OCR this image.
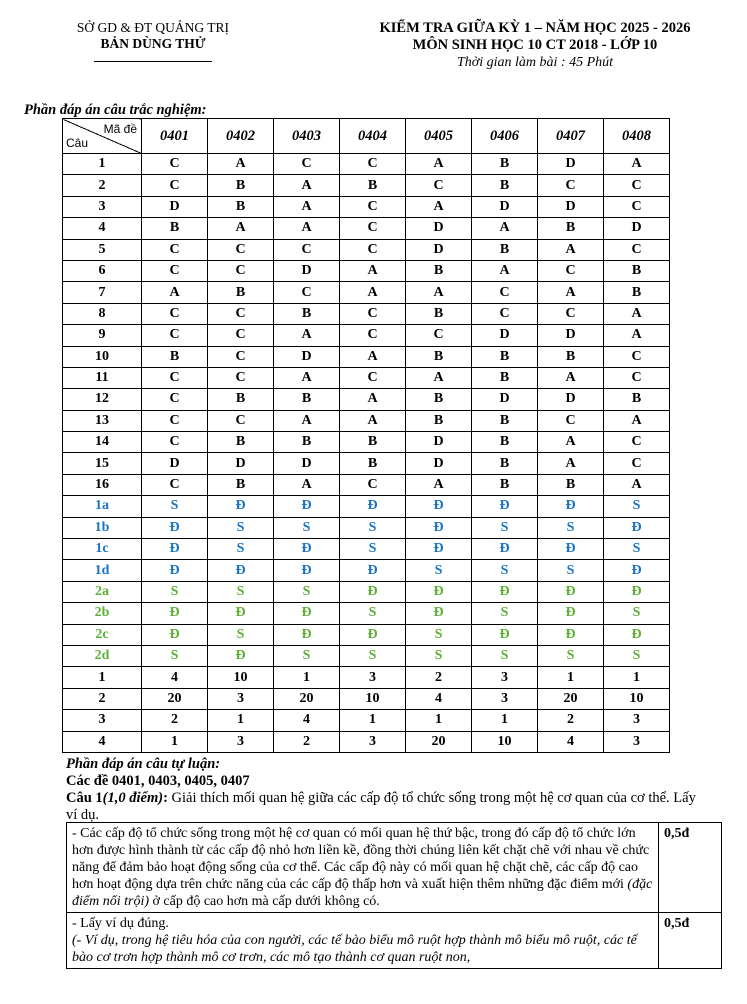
SỞ GD & ĐT QUẢNG TRỊ
BẢN DÙNG THỬ
KIỂM TRA GIỮA KỲ 1 – NĂM HỌC 2025 - 2026
MÔN SINH HỌC 10 CT 2018 - LỚP 10
Thời gian làm bài : 45 Phút
Phần đáp án câu trắc nghiệm:
Mã đề
Câu	0401	0402	0403	0404	0405	0406	0407	0408
1	C	A	C	C	A	B	D	A
2	C	B	A	B	C	B	C	C
3	D	B	A	C	A	D	D	C
4	B	A	A	C	D	A	B	D
5	C	C	C	C	D	B	A	C
6	C	C	D	A	B	A	C	B
7	A	B	C	A	A	C	A	B
8	C	C	B	C	B	C	C	A
9	C	C	A	C	C	D	D	A
10	B	C	D	A	B	B	B	C
11	C	C	A	C	A	B	A	C
12	C	B	B	A	B	D	D	B
13	C	C	A	A	B	B	C	A
14	C	B	B	B	D	B	A	C
15	D	D	D	B	D	B	A	C
16	C	B	A	C	A	B	B	A
1a	S	Đ	Đ	Đ	Đ	Đ	Đ	S
1b	Đ	S	S	S	Đ	S	S	Đ
1c	Đ	S	Đ	S	Đ	Đ	Đ	S
1d	Đ	Đ	Đ	Đ	S	S	S	Đ
2a	S	S	S	Đ	Đ	Đ	Đ	Đ
2b	Đ	Đ	Đ	S	Đ	S	Đ	S
2c	Đ	S	Đ	Đ	S	Đ	Đ	Đ
2d	S	Đ	S	S	S	S	S	S
1	4	10	1	3	2	3	1	1
2	20	3	20	10	4	3	20	10
3	2	1	4	1	1	1	2	3
4	1	3	2	3	20	10	4	3
Phần đáp án câu tự luận:
Các đề 0401, 0403, 0405, 0407
Câu 1(1,0 điểm): Giải thích mối quan hệ giữa các cấp độ tổ chức sống trong một hệ cơ quan của cơ thể. Lấy ví dụ.
- Các cấp độ tổ chức sống trong một hệ cơ quan có mối quan hệ thứ bậc, trong đó cấp độ tổ chức lớn hơn được hình thành từ các cấp độ nhỏ hơn liền kề, đồng thời chúng liên kết chặt chẽ với nhau về chức năng để đảm bảo hoạt động sống của cơ thể. Các cấp độ này có mối quan hệ chặt chẽ, các cấp độ cao hơn hoạt động dựa trên chức năng của các cấp độ thấp hơn và xuất hiện thêm những đặc điểm mới (đặc điểm nổi trội) ở cấp độ cao hơn mà cấp dưới không có.	0,5đ

- Lấy ví dụ đúng.
(- Ví dụ, trong hệ tiêu hóa của con người, các tế bào biểu mô ruột hợp thành mô biểu mô ruột, các tế bào cơ trơn hợp thành mô cơ trơn, các mô tạo thành cơ quan ruột non,	0,5đ
